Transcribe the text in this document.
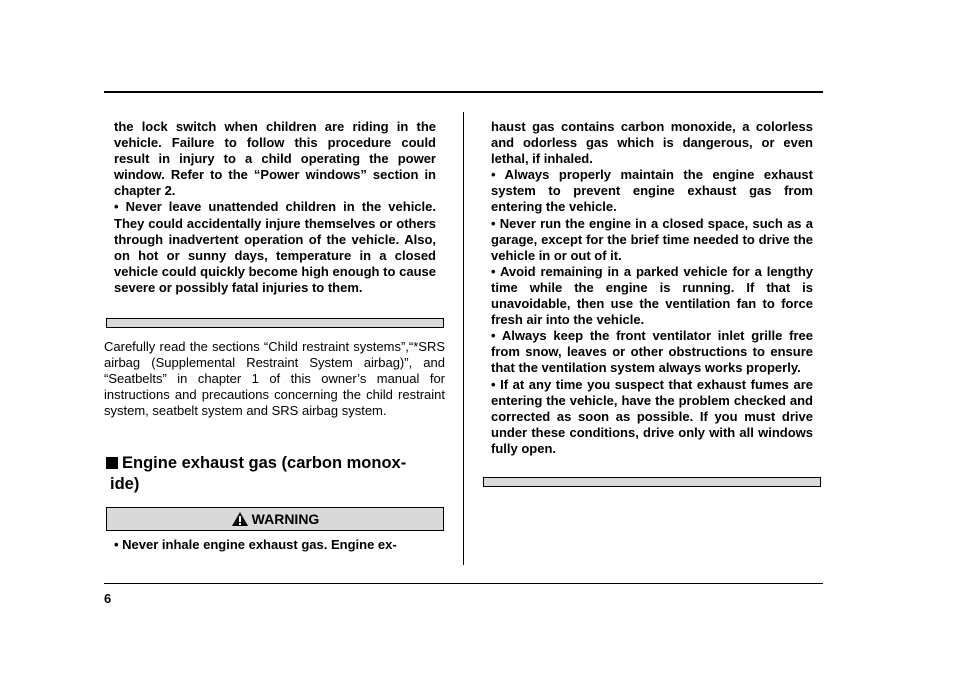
the lock switch when children are riding in the vehicle. Failure to follow this procedure could result in injury to a child operating the power window. Refer to the “Power windows” section in chapter 2.

• Never leave unattended children in the vehicle. They could accidentally injure themselves or others through inadvertent operation of the vehicle. Also, on hot or sunny days, temperature in a closed vehicle could quickly become high enough to cause severe or possibly fatal injuries to them.

Carefully read the sections “Child restraint systems”,“*SRS airbag (Supplemental Restraint System airbag)”, and “Seatbelts” in chapter 1 of this owner’s manual for instructions and precautions concerning the child restraint system, seatbelt system and SRS airbag system.

Engine exhaust gas (carbon monox-
ide)
WARNING

• Never inhale engine exhaust gas. Engine ex-

haust gas contains carbon monoxide, a colorless and odorless gas which is dangerous, or even lethal, if inhaled.

• Always properly maintain the engine exhaust system to prevent engine exhaust gas from entering the vehicle.

• Never run the engine in a closed space, such as a garage, except for the brief time needed to drive the vehicle in or out of it.

• Avoid remaining in a parked vehicle for a lengthy time while the engine is running. If that is unavoidable, then use the ventilation fan to force fresh air into the vehicle.

• Always keep the front ventilator inlet grille free from snow, leaves or other obstructions to ensure that the ventilation system always works properly.

• If at any time you suspect that exhaust fumes are entering the vehicle, have the problem checked and corrected as soon as possible. If you must drive under these conditions, drive only with all windows fully open.

6
